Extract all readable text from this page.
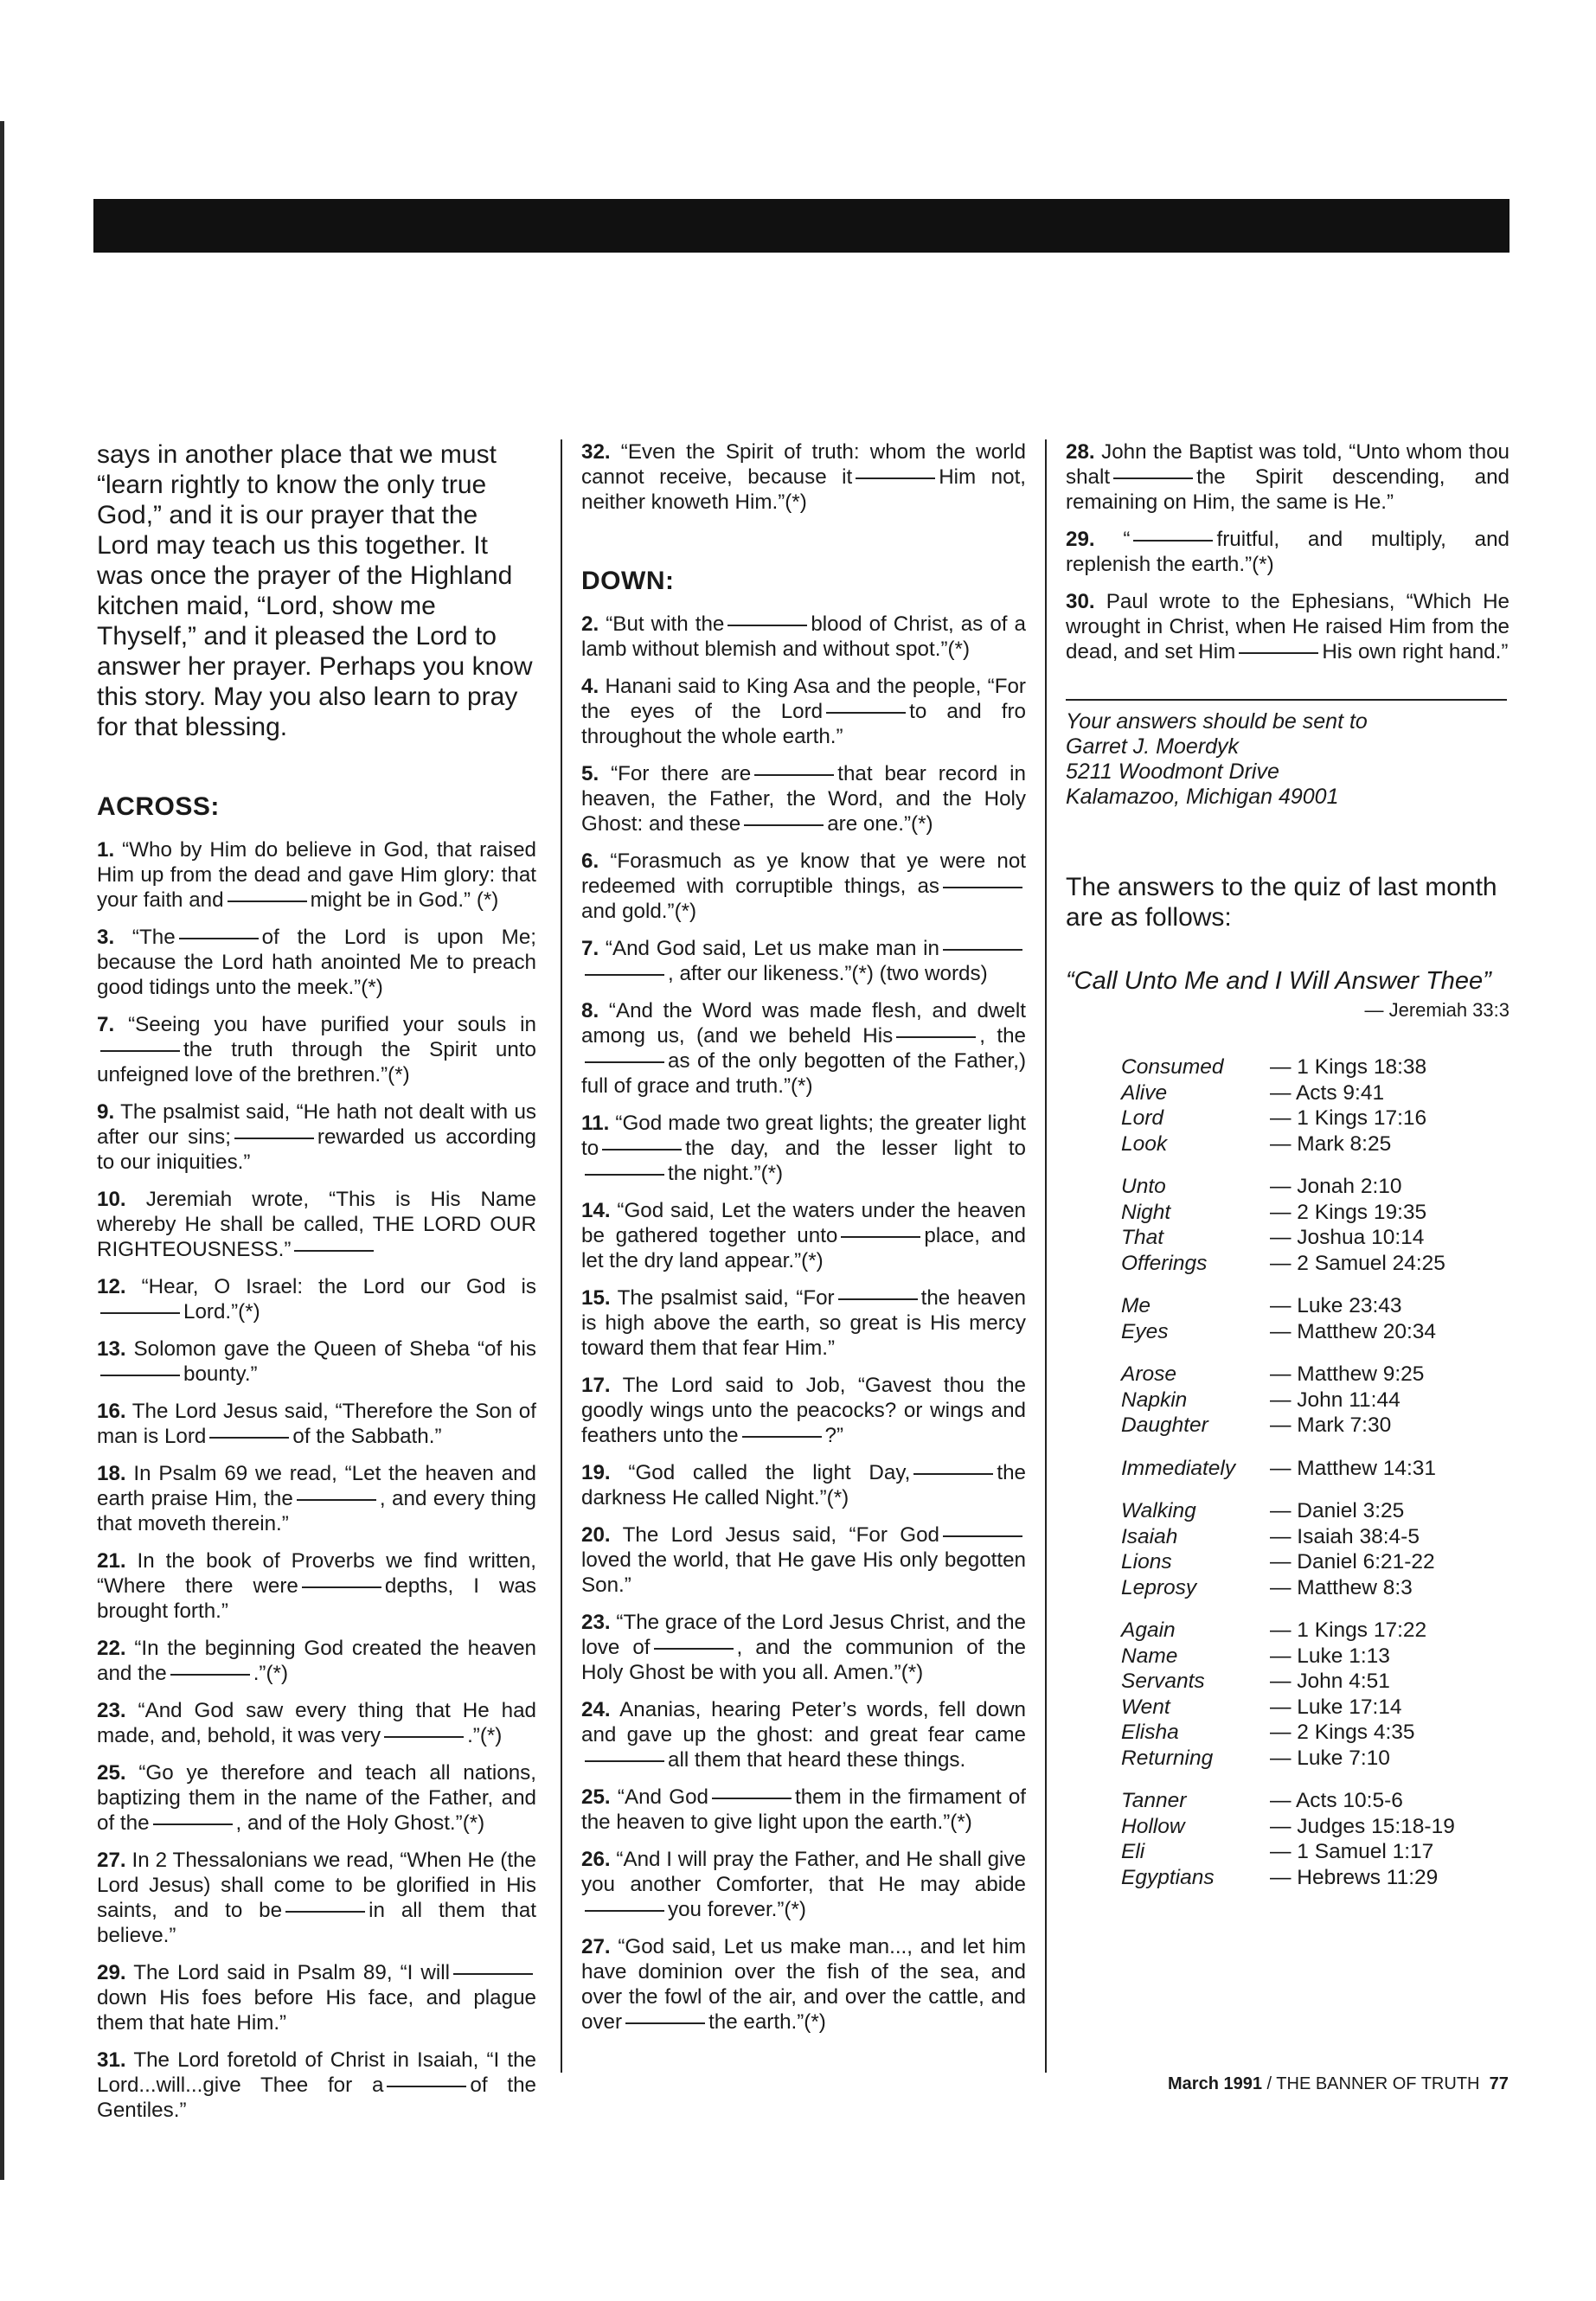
says in another place that we must “learn rightly to know the only true God,” and it is our prayer that the Lord may teach us this together. It was once the prayer of the Highland kitchen maid, “Lord, show me Thyself,” and it pleased the Lord to answer her prayer. Perhaps you know this story. May you also learn to pray for that blessing.

ACROSS:

1. “Who by Him do believe in God, that raised Him up from the dead and gave Him glory: that your faith and	might be in God.” (*)

3. “The	of the Lord is upon Me; because the Lord hath anointed Me to preach good tidings unto the meek.”(*)

7. “Seeing you have purified your souls inthe truth through the Spirit unto unfeigned love of the brethren.”(*)

9. The psalmist said, “He hath not dealt with us after our sins;	rewarded us according to our iniquities.”

10. Jeremiah wrote, “This is His Name whereby He shall be called, THE LORD OUR RIGHTEOUSNESS.”

12. “Hear, O Israel: the Lord our God isLord.”(*)

13. Solomon gave the Queen of Sheba “of hisbounty.”

16. The Lord Jesus said, “Therefore the Son of man is Lord	of the Sabbath.”

18. In Psalm 69 we read, “Let the heaven and earth praise Him, the	, and every thing that moveth therein.”

21. In the book of Proverbs we find written, “Where there were	depths, I was brought forth.”

22. “In the beginning God created the heaven and the	.”(*)

23. “And God saw every thing that He had made, and, behold, it was very	.”(*)

25. “Go ye therefore and teach all nations, baptizing them in the name of the Father, and of the	, and of the Holy Ghost.”(*)

27. In 2 Thessalonians we read, “When He (the Lord Jesus) shall come to be glorified in His saints, and to be	in all them that believe.”

29. The Lord said in Psalm 89, “I willdown His foes before His face, and plague them that hate Him.”

31. The Lord foretold of Christ in Isaiah, “I the Lord...will...give Thee for a	of the Gentiles.”

32. “Even the Spirit of truth: whom the world cannot receive, because it	Him not, neither knoweth Him.”(*)

DOWN:

2. “But with the	blood of Christ, as of a lamb without blemish and without spot.”(*)

4. Hanani said to King Asa and the people, “For the eyes of the Lord	to and fro throughout the whole earth.”

5. “For there are	that bear record in heaven, the Father, the Word, and the Holy Ghost: and these	are one.”(*)

6. “Forasmuch as ye know that ye were not redeemed with corruptible things, asand gold.”(*)

7. “And God said, Let us make man in, after our likeness.”(*) (two words)

8. “And the Word was made flesh, and dwelt among us, (and we beheld His	, theas of the only begotten of the Father,) full of grace and truth.”(*)

11. “God made two great lights; the greater light to	the day, and the lesser light tothe night.”(*)

14. “God said, Let the waters under the heaven be gathered together unto	place, and let the dry land appear.”(*)

15. The psalmist said, “For	the heaven is high above the earth, so great is His mercy toward them that fear Him.”

17. The Lord said to Job, “Gavest thou the goodly wings unto the peacocks? or wings and feathers unto the	?”

19. “God called the light Day,	the darkness He called Night.”(*)

20. The Lord Jesus said, “For Godloved the world, that He gave His only begotten Son.”

23. “The grace of the Lord Jesus Christ, and the love of	, and the communion of the Holy Ghost be with you all. Amen.”(*)

24. Ananias, hearing Peter’s words, fell down and gave up the ghost: and great fear cameall them that heard these things.

25. “And God	them in the firmament of the heaven to give light upon the earth.”(*)

26. “And I will pray the Father, and He shall give you another Comforter, that He may abideyou forever.”(*)

27. “God said, Let us make man..., and let him have dominion over the fish of the sea, and over the fowl of the air, and over the cattle, and over	the earth.”(*)

28. John the Baptist was told, “Unto whom thou shalt	the Spirit descending, and remaining on Him, the same is He.”

29. “	fruitful, and multiply, and replenish the earth.”(*)

30. Paul wrote to the Ephesians, “Which He wrought in Christ, when He raised Him from the dead, and set Him	His own right hand.”

Your answers should be sent to

Garret J. Moerdyk

5211 Woodmont Drive

Kalamazoo, Michigan 49001

The answers to the quiz of last month are as follows:

“Call Unto Me and I Will Answer Thee”

— Jeremiah 33:3

Consumed	— 1 Kings 18:38
Alive	— Acts 9:41
Lord	— 1 Kings 17:16
Look	— Mark 8:25
Unto	— Jonah 2:10
Night	— 2 Kings 19:35
That	— Joshua 10:14
Offerings	— 2 Samuel 24:25
Me	— Luke 23:43
Eyes	— Matthew 20:34
Arose	— Matthew 9:25
Napkin	— John 11:44
Daughter	— Mark 7:30
Immediately	— Matthew 14:31
Walking	— Daniel 3:25
Isaiah	— Isaiah 38:4-5
Lions	— Daniel 6:21-22
Leprosy	— Matthew 8:3
Again	— 1 Kings 17:22
Name	— Luke 1:13
Servants	— John 4:51
Went	— Luke 17:14
Elisha	— 2 Kings 4:35
Returning	— Luke 7:10
Tanner	— Acts 10:5-6
Hollow	— Judges 15:18-19
Eli	— 1 Samuel 1:17
Egyptians	— Hebrews 11:29
March 1991 / THE BANNER OF TRUTH 77
